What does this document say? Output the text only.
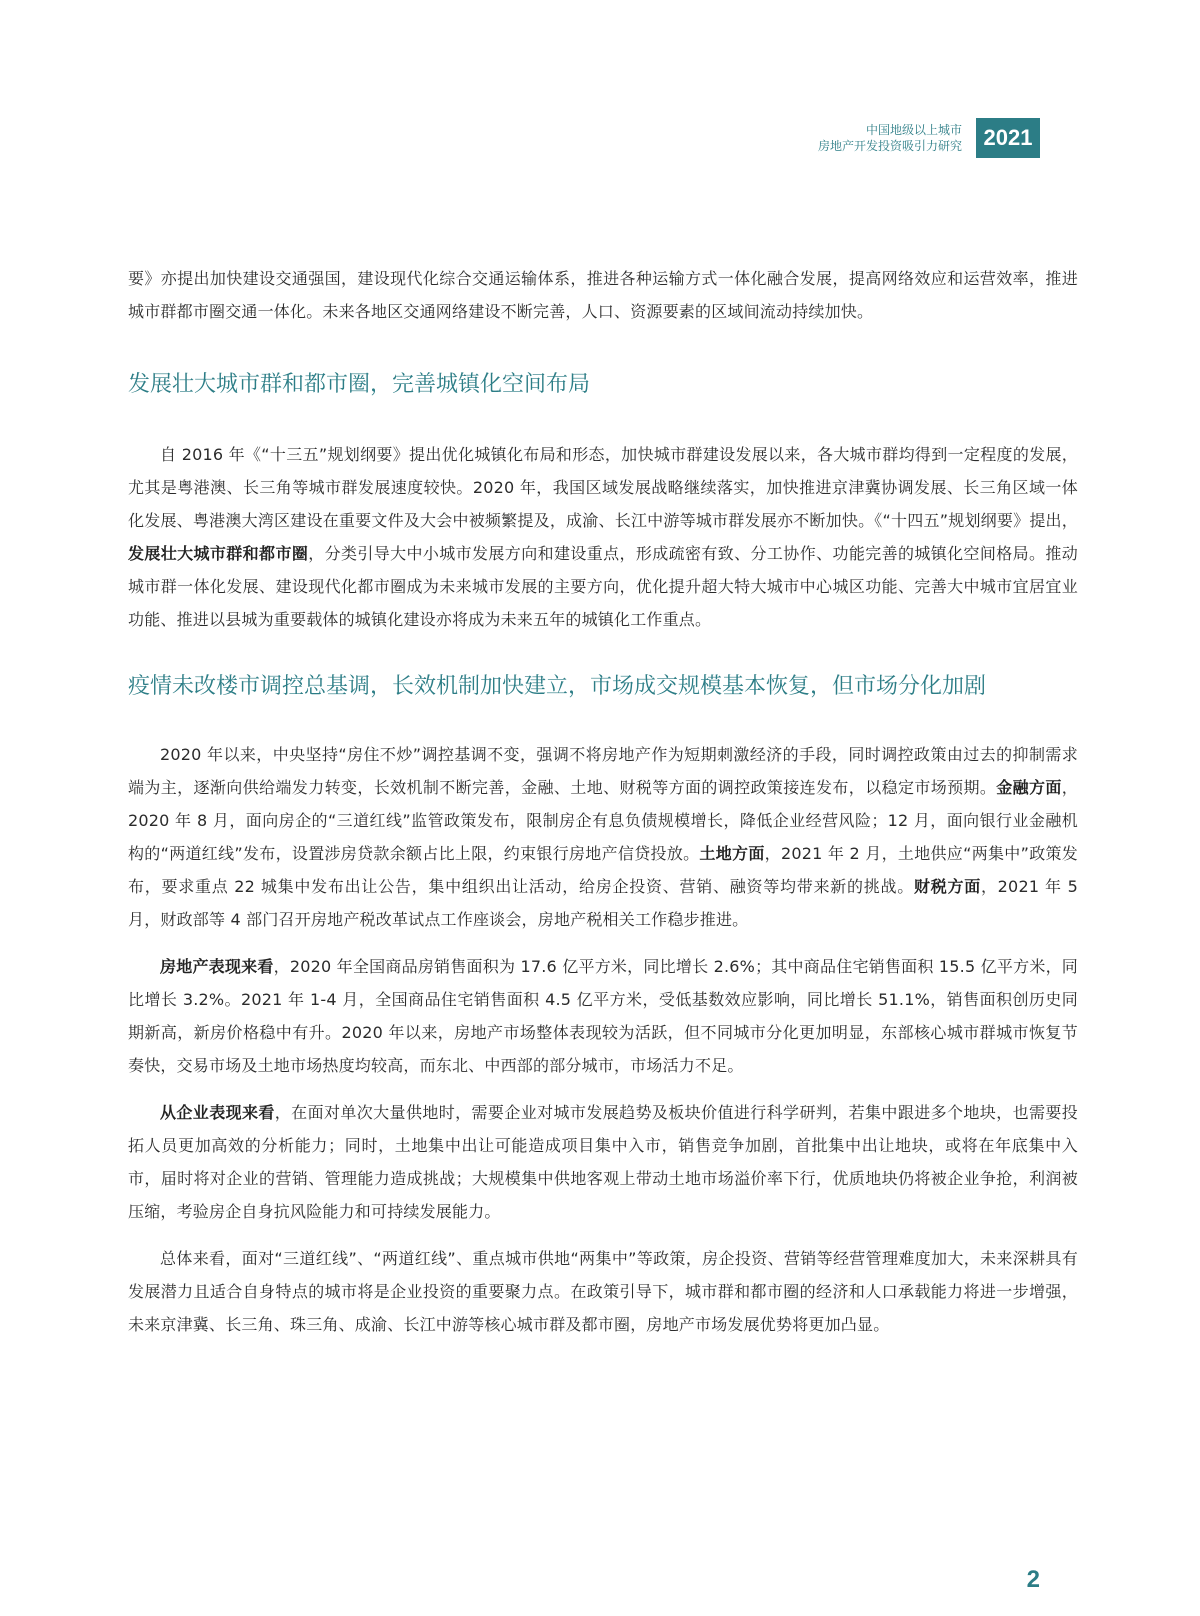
中国地级以上城市
房地产开发投资吸引力研究 2021

要》亦提出加快建设交通强国，建设现代化综合交通运输体系，推进各种运输方式一体化融合发展，提高网络效应和运营效率，推进城市群都市圈交通一体化。未来各地区交通网络建设不断完善，人口、资源要素的区域间流动持续加快。

发展壮大城市群和都市圈，完善城镇化空间布局

自 2016 年《“十三五”规划纲要》提出优化城镇化布局和形态，加快城市群建设发展以来，各大城市群均得到一定程度的发展，尤其是粤港澳、长三角等城市群发展速度较快。2020 年，我国区域发展战略继续落实，加快推进京津冀协调发展、长三角区域一体化发展、粤港澳大湾区建设在重要文件及大会中被频繁提及，成渝、长江中游等城市群发展亦不断加快。《“十四五”规划纲要》提出，发展壮大城市群和都市圈，分类引导大中小城市发展方向和建设重点，形成疏密有致、分工协作、功能完善的城镇化空间格局。推动城市群一体化发展、建设现代化都市圈成为未来城市发展的主要方向，优化提升超大特大城市中心城区功能、完善大中城市宜居宜业功能、推进以县城为重要载体的城镇化建设亦将成为未来五年的城镇化工作重点。

疫情未改楼市调控总基调，长效机制加快建立，市场成交规模基本恢复，但市场分化加剧

2020 年以来，中央坚持“房住不炒”调控基调不变，强调不将房地产作为短期刺激经济的手段，同时调控政策由过去的抑制需求端为主，逐渐向供给端发力转变，长效机制不断完善，金融、土地、财税等方面的调控政策接连发布，以稳定市场预期。金融方面，2020 年 8 月，面向房企的“三道红线”监管政策发布，限制房企有息负债规模增长，降低企业经营风险；12 月，面向银行业金融机构的“两道红线”发布，设置涉房贷款余额占比上限，约束银行房地产信贷投放。土地方面，2021 年 2 月，土地供应“两集中”政策发布，要求重点 22 城集中发布出让公告，集中组织出让活动，给房企投资、营销、融资等均带来新的挑战。财税方面，2021 年 5 月，财政部等 4 部门召开房地产税改革试点工作座谈会，房地产税相关工作稳步推进。

房地产表现来看，2020 年全国商品房销售面积为 17.6 亿平方米，同比增长 2.6%；其中商品住宅销售面积 15.5 亿平方米，同比增长 3.2%。2021 年 1-4 月，全国商品住宅销售面积 4.5 亿平方米，受低基数效应影响，同比增长 51.1%，销售面积创历史同期新高，新房价格稳中有升。2020 年以来，房地产市场整体表现较为活跃，但不同城市分化更加明显，东部核心城市群城市恢复节奏快，交易市场及土地市场热度均较高，而东北、中西部的部分城市，市场活力不足。

从企业表现来看，在面对单次大量供地时，需要企业对城市发展趋势及板块价值进行科学研判，若集中跟进多个地块，也需要投拓人员更加高效的分析能力；同时，土地集中出让可能造成项目集中入市，销售竞争加剧，首批集中出让地块，或将在年底集中入市，届时将对企业的营销、管理能力造成挑战；大规模集中供地客观上带动土地市场溢价率下行，优质地块仍将被企业争抢，利润被压缩，考验房企自身抗风险能力和可持续发展能力。

总体来看，面对“三道红线”、“两道红线”、重点城市供地“两集中”等政策，房企投资、营销等经营管理难度加大，未来深耕具有发展潜力且适合自身特点的城市将是企业投资的重要聚力点。在政策引导下，城市群和都市圈的经济和人口承载能力将进一步增强，未来京津冀、长三角、珠三角、成渝、长江中游等核心城市群及都市圈，房地产市场发展优势将更加凸显。

2
